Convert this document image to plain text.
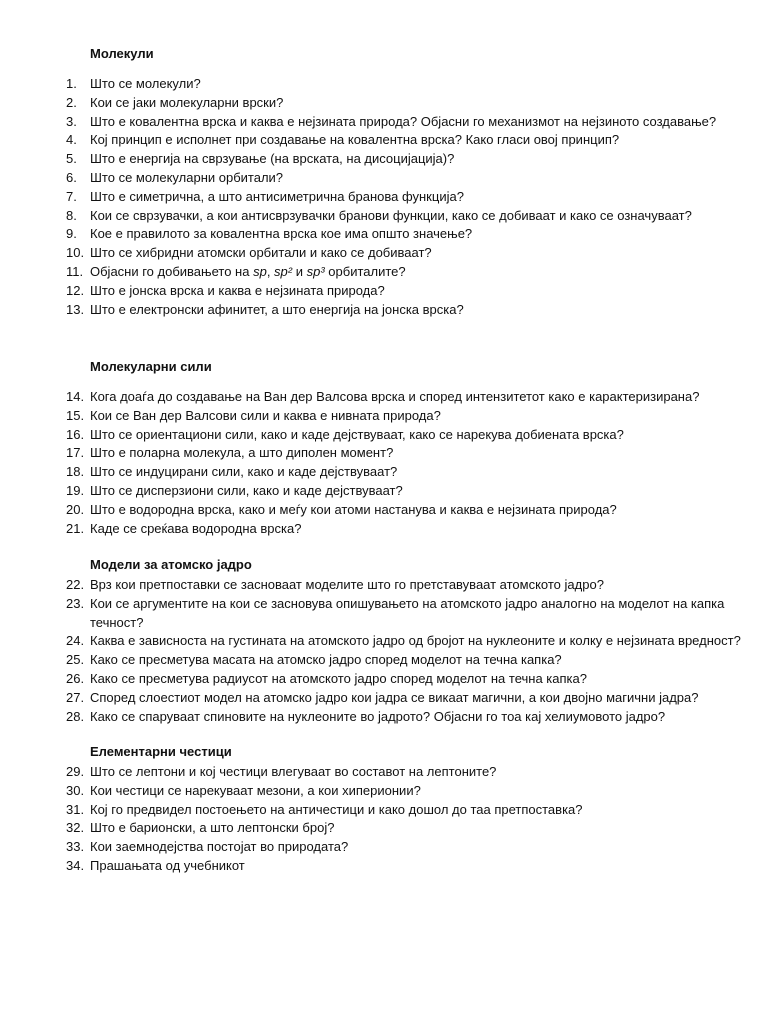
Молекули
1.	Што се молекули?
2.	Кои се јаки молекуларни врски?
3.	Што е ковалентна врска и каква е нејзината природа? Објасни го механизмот на нејзиното создавање?
4.	Кој принцип е исполнет при создавање на ковалентна врска? Како гласи овој принцип?
5.	Што е енергија на сврзување (на врската, на дисоцијација)?
6.	Што се молекуларни орбитали?
7.	Што е симетрична, а што антисиметрична бранова функција?
8.	Кои се сврзувачки, а кои антисврзувачки бранови функции, како се добиваат и како се означуваат?
9.	Кое е правилото за ковалентна врска кое има општо значење?
10. Што се хибридни атомски орбитали и како се добиваат?
11. Објасни го добивањето на sp, sp² и sp³ орбиталите?
12. Што е јонска врска и каква е нејзината природа?
13. Што е електронски афинитет, а што енергија на јонска врска?
Молекуларни сили
14. Кога доаѓа до создавање на Ван дер Валсова врска и според интензитетот како е карактеризирана?
15. Кои се Ван дер Валсови сили и каква е нивната природа?
16. Што се ориентациони сили, како и каде дејствуваат, како се нарекува добиената врска?
17. Што е поларна молекула, а што диполен момент?
18. Што се индуцирани сили, како и каде дејствуваат?
19. Што се дисперзиони сили, како и каде дејствуваат?
20. Што е водородна врска, како и меѓу кои атоми настанува и каква е нејзината природа?
21. Каде се среќава водородна врска?
Модели за атомско јадро
22. Врз кои претпоставки се засноваат моделите што го претставуваат атомското јадро?
23. Кои се аргументите на кои се засновува опишувањето на атомското јадро аналогно на моделот на капка течност?
24. Каква е зависноста на густината на атомското јадро од бројот на нуклеоните и колку е нејзината вредност?
25. Како се пресметува масата на атомско јадро според моделот на течна капка?
26. Како се пресметува радиусот на атомското јадро според моделот на течна капка?
27. Според слоестиот модел на атомско јадро кои јадра се викаат магични, а кои двојно магични јадра?
28. Како се спаруваат спиновите на нуклеоните во јадрото? Објасни го тоа кај хелиумовото јадро?
Елементарни честици
29. Што се лептони и кој честици влегуваат во составот на лептоните?
30. Кои честици се нарекуваат мезони, а кои хиперионии?
31. Кој го предвидел постоењето на античестици и како дошол до таа претпоставка?
32. Што е барионски, а што лептонски број?
33. Кои заемнодејства постојат во природата?
34. Прашањата од учебникот
